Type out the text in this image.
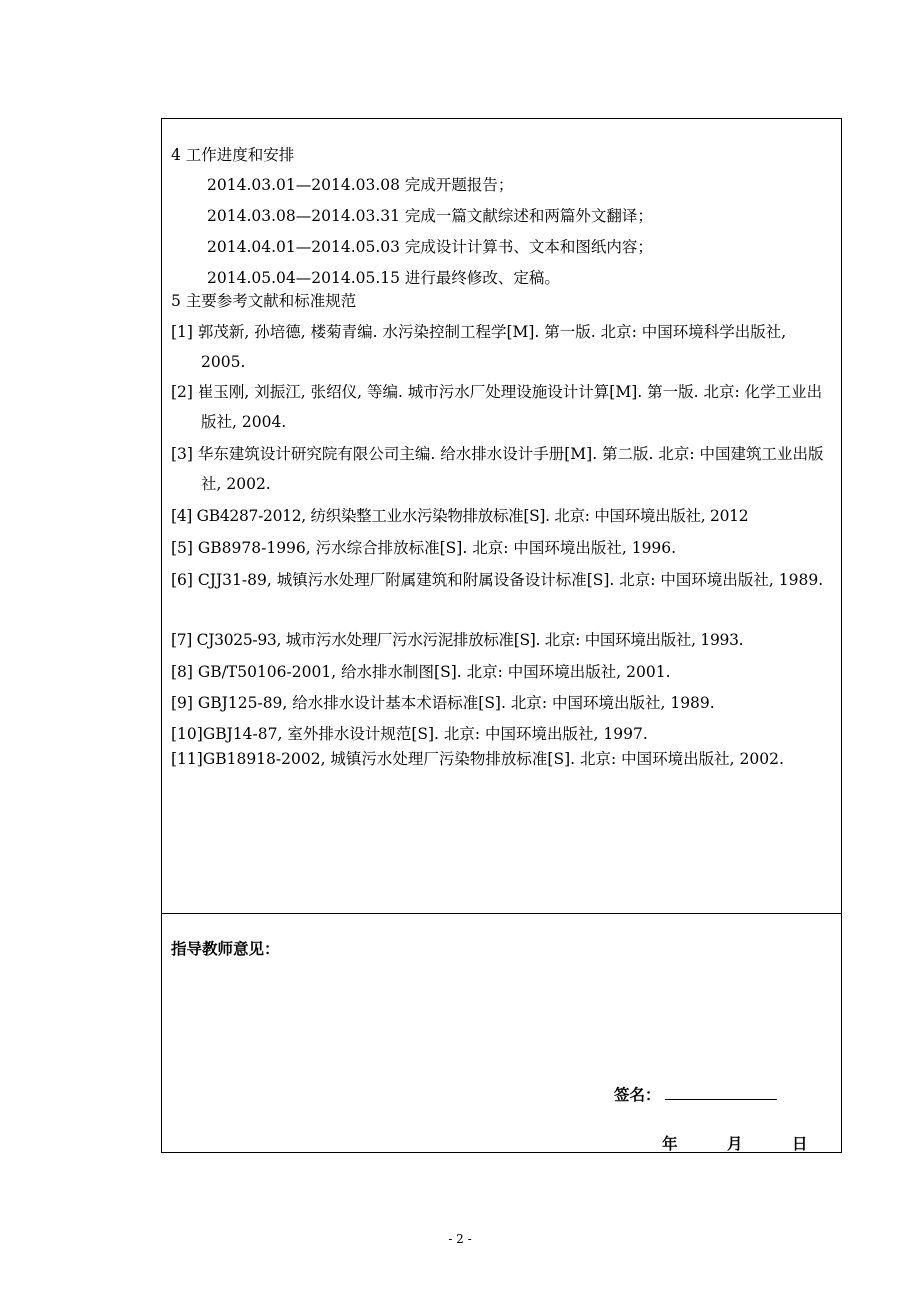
4 工作进度和安排
2014.03.01—2014.03.08 完成开题报告；
2014.03.08—2014.03.31 完成一篇文献综述和两篇外文翻译；
2014.04.01—2014.05.03 完成设计计算书、文本和图纸内容；
2014.05.04—2014.05.15 进行最终修改、定稿。
5 主要参考文献和标准规范
[1] 郭茂新, 孙培德, 楼菊青编. 水污染控制工程学[M]. 第一版. 北京: 中国环境科学出版社, 2005.
[2] 崔玉刚, 刘振江, 张绍仪, 等编. 城市污水厂处理设施设计计算[M]. 第一版. 北京: 化学工业出版社, 2004.
[3] 华东建筑设计研究院有限公司主编. 给水排水设计手册[M]. 第二版. 北京: 中国建筑工业出版社, 2002.
[4] GB4287-2012, 纺织染整工业水污染物排放标准[S]. 北京: 中国环境出版社, 2012
[5] GB8978-1996, 污水综合排放标准[S]. 北京: 中国环境出版社, 1996.
[6] CJJ31-89, 城镇污水处理厂附属建筑和附属设备设计标准[S]. 北京: 中国环境出版社, 1989.
[7] CJ3025-93, 城市污水处理厂污水污泥排放标准[S]. 北京: 中国环境出版社, 1993.
[8] GB/T50106-2001, 给水排水制图[S]. 北京: 中国环境出版社, 2001.
[9] GBJ125-89, 给水排水设计基本术语标准[S]. 北京: 中国环境出版社, 1989.
[10]GBJ14-87, 室外排水设计规范[S]. 北京: 中国环境出版社, 1997.
[11]GB18918-2002, 城镇污水处理厂污染物排放标准[S]. 北京: 中国环境出版社, 2002.
指导教师意见：
签名：
年	月	日
- 2 -
